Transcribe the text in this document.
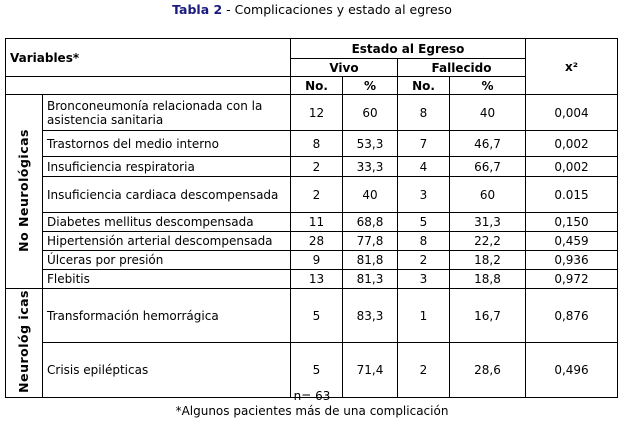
Tabla 2 - Complicaciones y estado al egreso
Variables*		Estado al Egreso				x²
		Vivo		Fallecido		
		No.	%	No.	%	
No Neurológicas	Bronconeumonía relacionada con la asistencia sanitaria	12	60	8	40	0,004
	Trastornos del medio interno	8	53,3	7	46,7	0,002
	Insuficiencia respiratoria	2	33,3	4	66,7	0,002
	Insuficiencia cardiaca descompensada	2	40	3	60	0.015
	Diabetes mellitus descompensada	11	68,8	5	31,3	0,150
	Hipertensión arterial descompensada	28	77,8	8	22,2	0,459
	Úlceras por presión	9	81,8	2	18,2	0,936
	Flebitis	13	81,3	3	18,8	0,972
Neurológ icas	Transformación hemorrágica	5	83,3	1	16,7	0,876
	Crisis epilépticas	5	71,4	2	28,6	0,496
n= 63
*Algunos pacientes más de una complicación
